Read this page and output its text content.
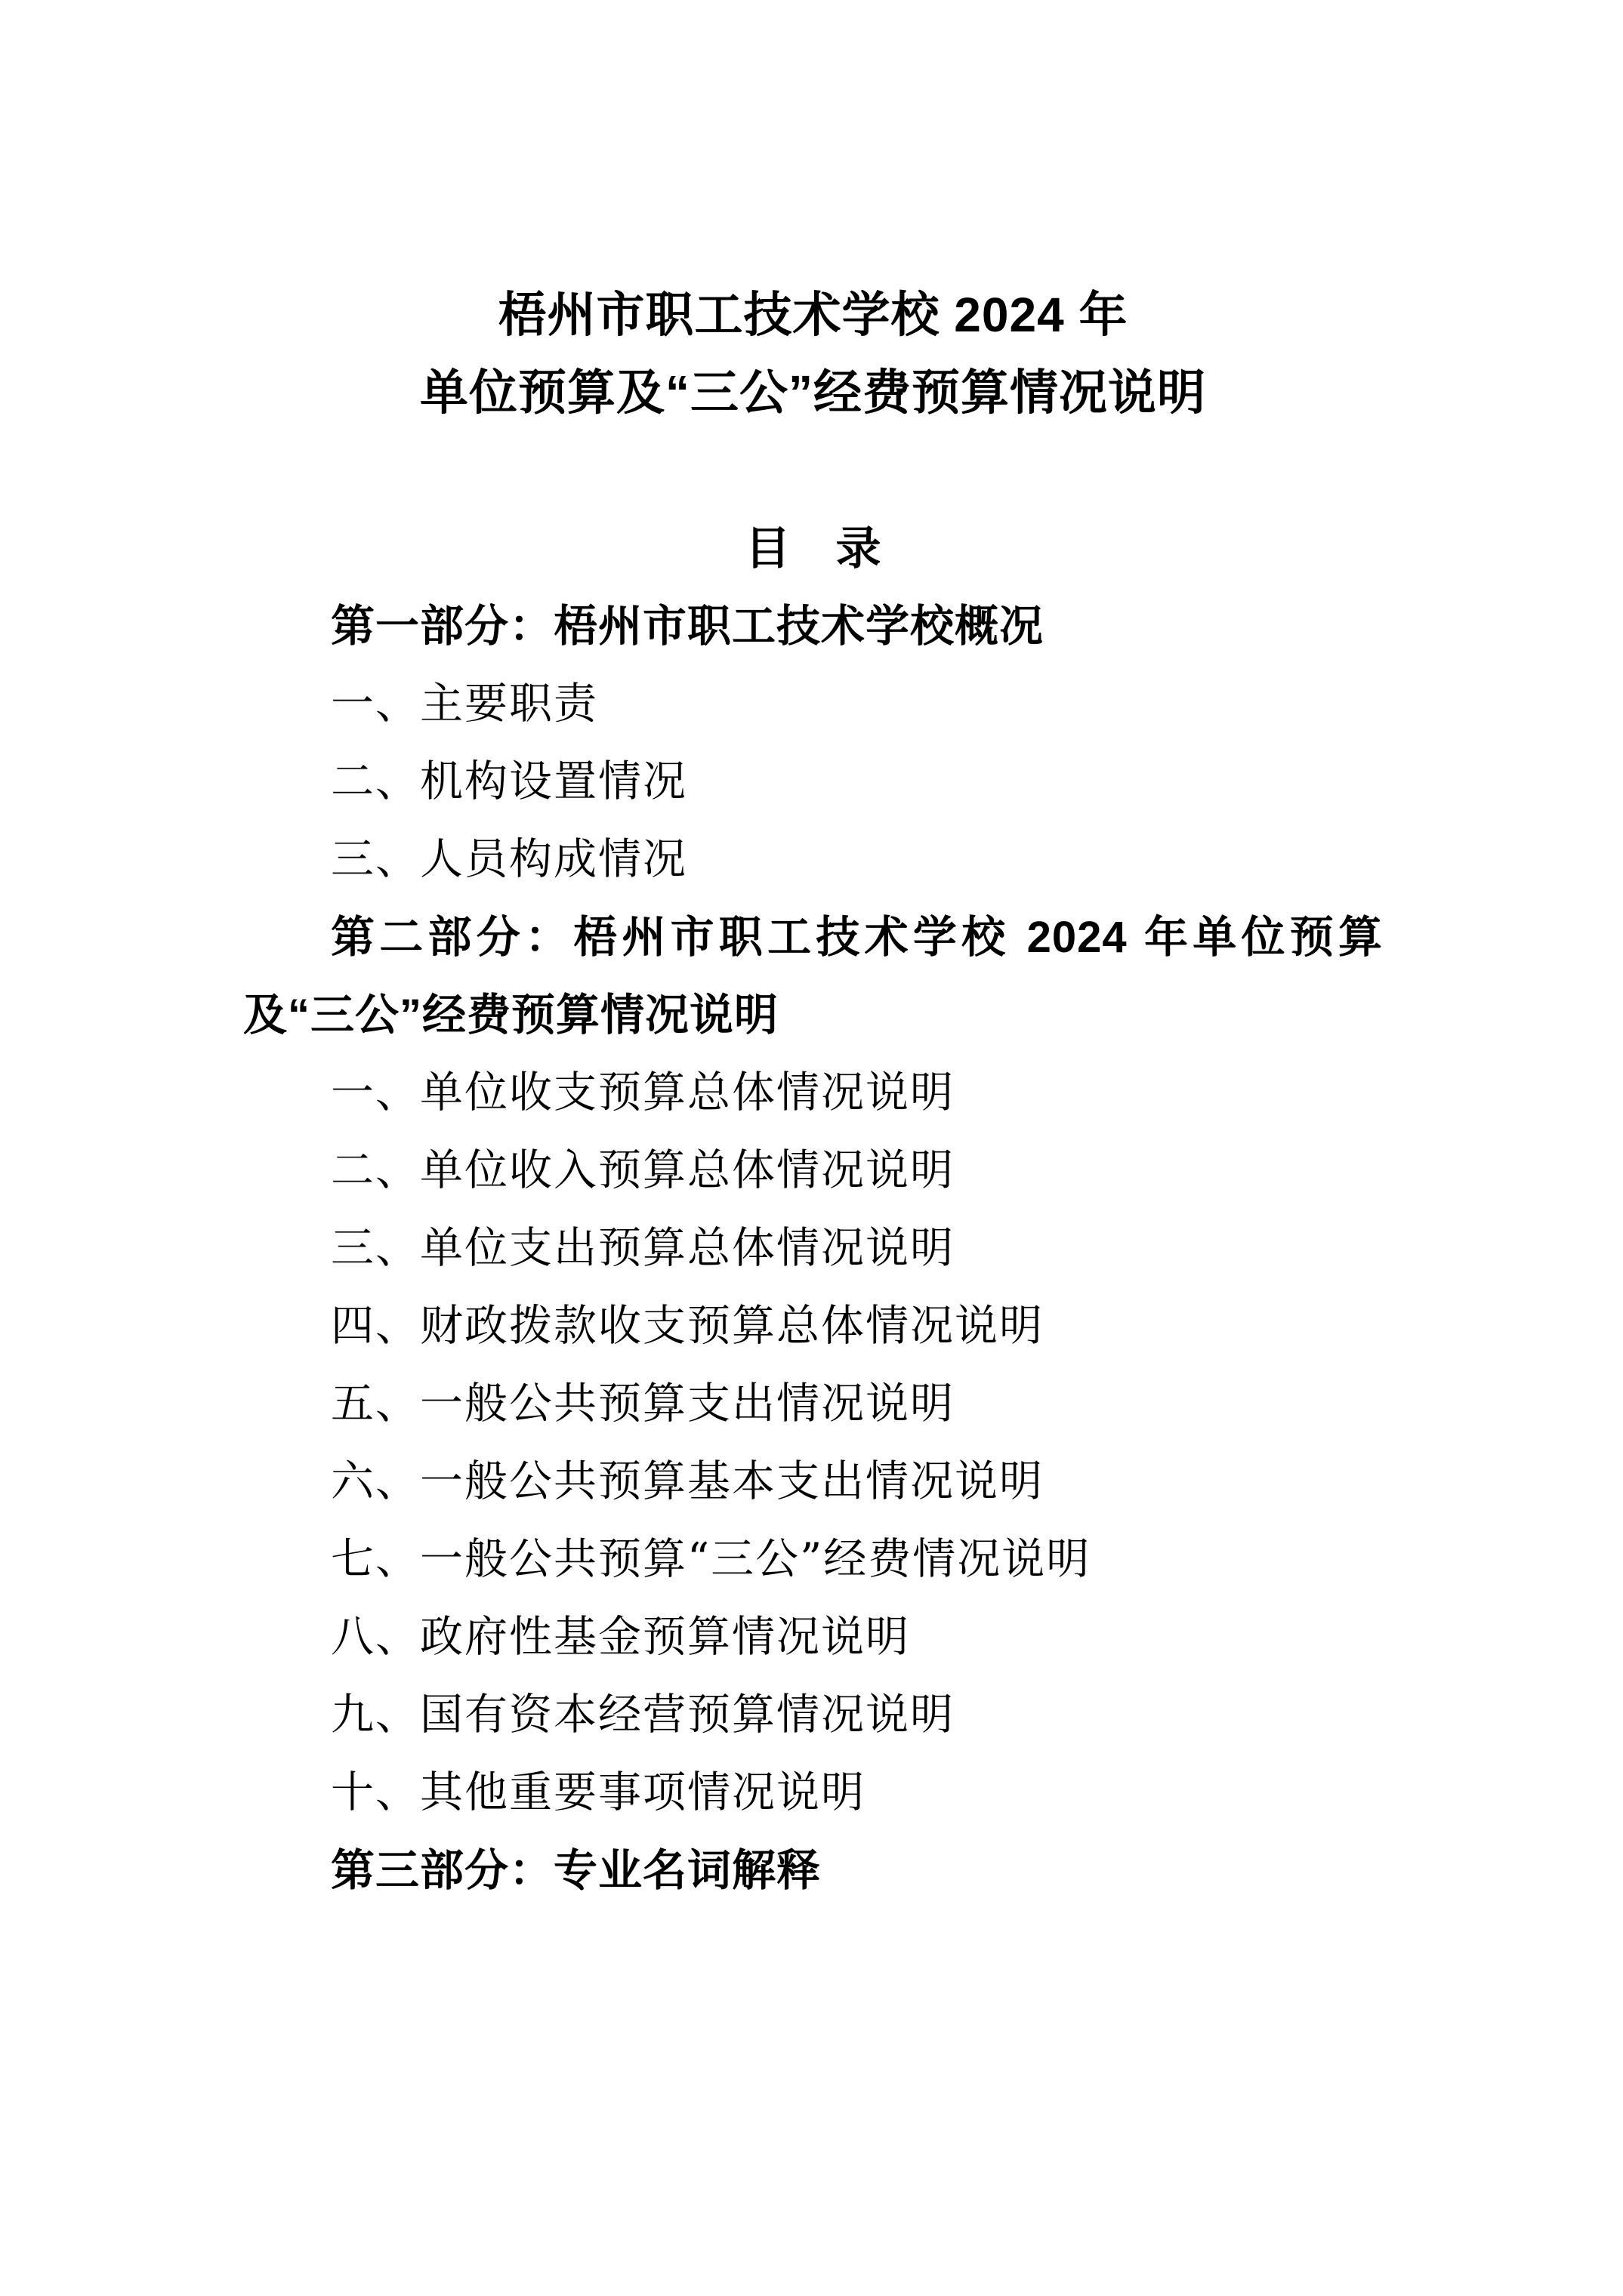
梧州市职工技术学校 2024 年
单位预算及“三公”经费预算情况说明
目　录

第一部分：梧州市职工技术学校概况

一、主要职责

二、机构设置情况

三、人员构成情况

第二部分：梧州市职工技术学校 2024 年单位预算及“三公”经费预算情况说明

一、单位收支预算总体情况说明

二、单位收入预算总体情况说明

三、单位支出预算总体情况说明

四、财政拨款收支预算总体情况说明

五、一般公共预算支出情况说明

六、一般公共预算基本支出情况说明

七、一般公共预算“三公”经费情况说明

八、政府性基金预算情况说明

九、国有资本经营预算情况说明

十、其他重要事项情况说明

第三部分：专业名词解释
